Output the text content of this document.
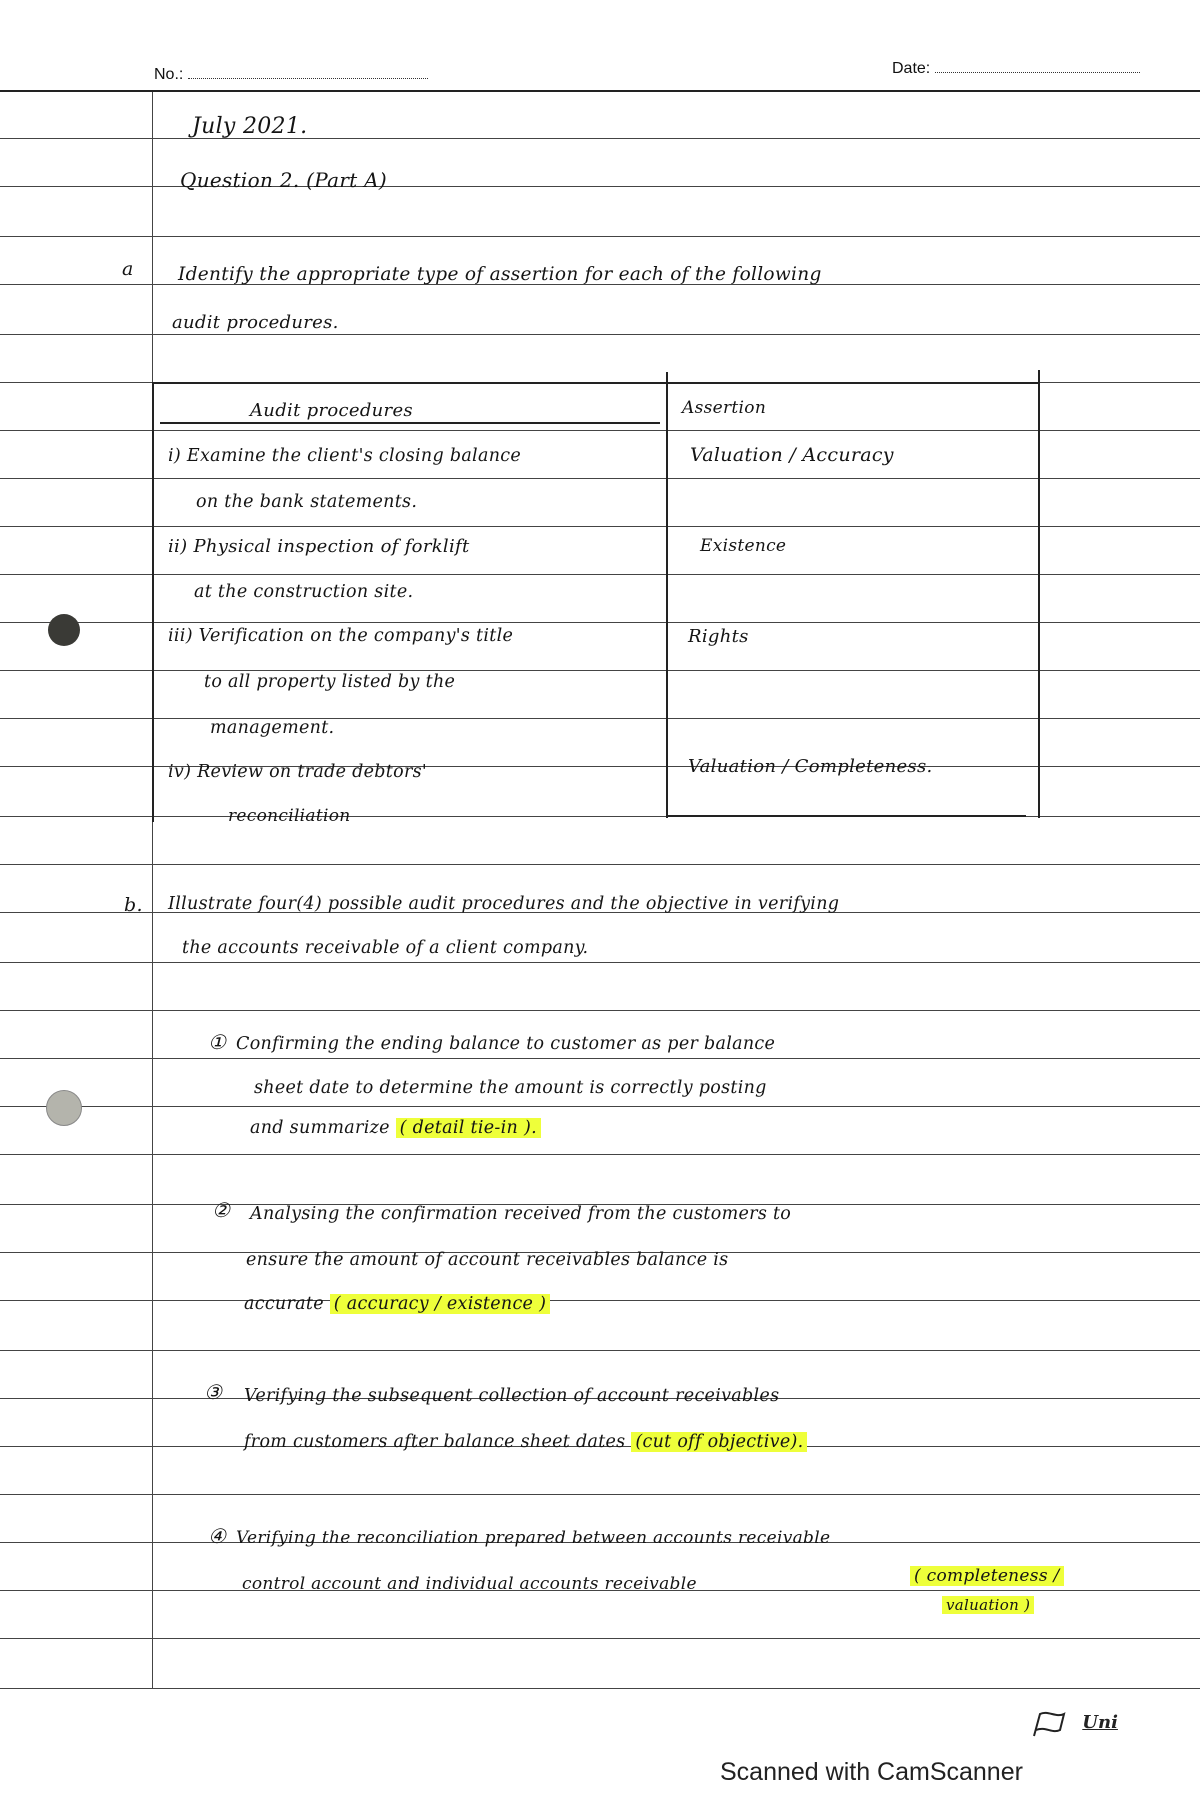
No.:	Date:
July 2021.
Question 2. (Part A)
a Identify the appropriate type of assertion for each of the following
audit procedures.
Audit procedures	Assertion
i) Examine the client's closing balance
on the bank statements.
Valuation / Accuracy
ii) Physical inspection of forklift
at the construction site.
Existence
iii) Verification on the company's title
to all property listed by the
management.
Rights
iv) Review on trade debtors'
reconciliation
Valuation / Completeness.
b. Illustrate four(4) possible audit procedures and the objective in verifying
the accounts receivable of a client company.
① Confirming the ending balance to customer as per balance
sheet date to determine the amount is correctly posting
and summarize ( detail tie-in ).
② Analysing the confirmation received from the customers to
ensure the amount of account receivables balance is
accurate ( accuracy / existence )
③ Verifying the subsequent collection of account receivables
from customers after balance sheet dates (cut off objective).
④ Verifying the reconciliation prepared between accounts receivable
control account and individual accounts receivable	( completeness /
valuation )
Uni
Scanned with CamScanner
